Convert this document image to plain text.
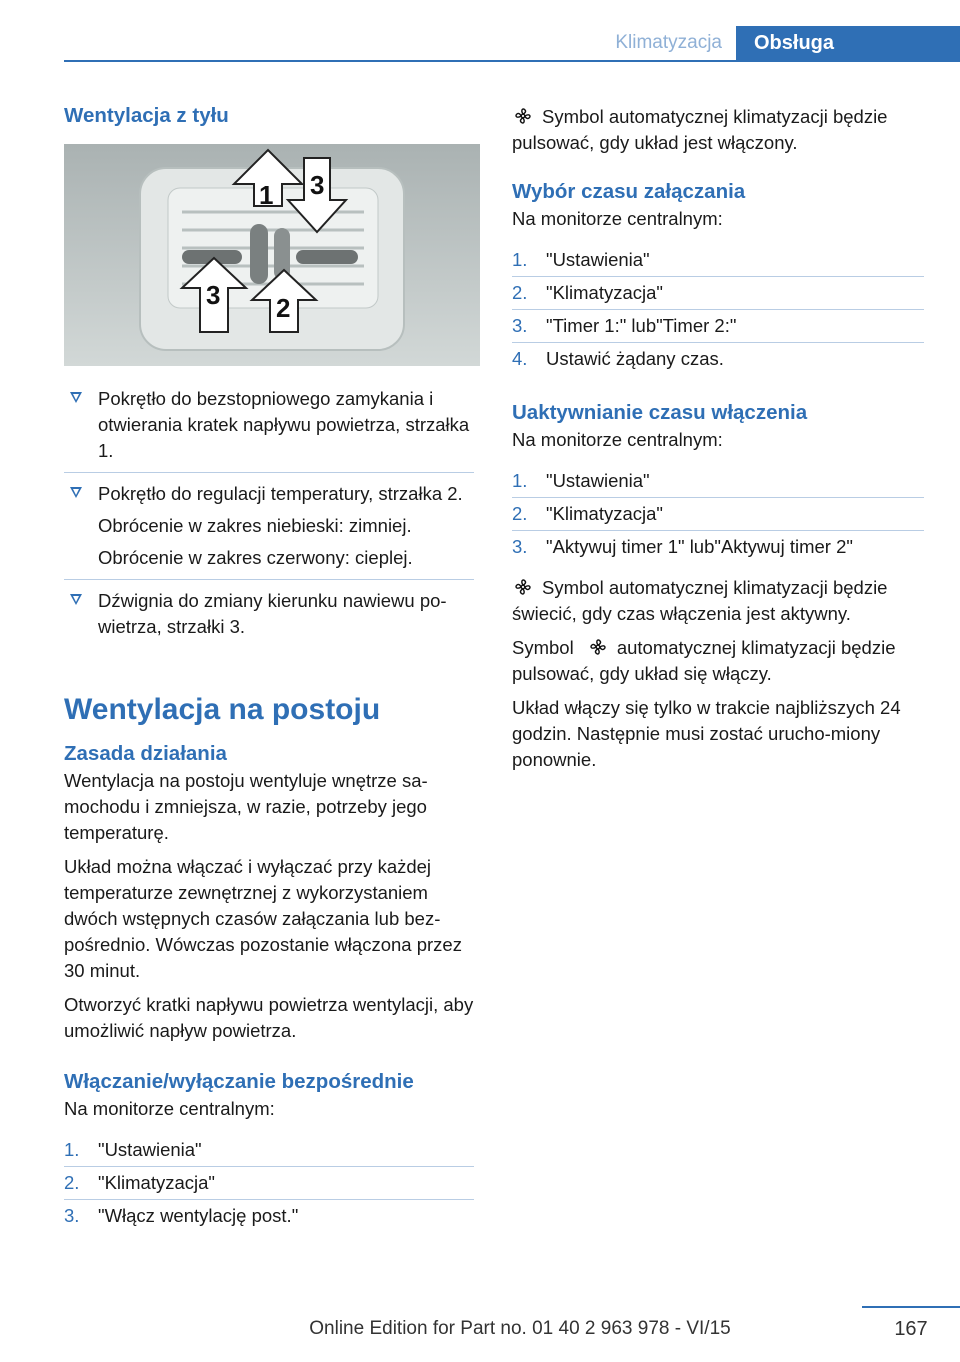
Klimatyzacja	Obsługa
Wentylacja z tyłu
1
2
3
3

Pokrętło do bezstopniowego zamykania i otwierania kratek napływu powietrza, strzałka 1.

Pokrętło do regulacji temperatury, strzałka 2.

Obrócenie w zakres niebieski: zimniej.

Obrócenie w zakres czerwony: cieplej.

Dźwignia do zmiany kierunku nawiewu po-wietrza, strzałki 3.

Wentylacja na postoju
Zasada działania

Wentylacja na postoju wentyluje wnętrze sa-mochodu i zmniejsza, w razie, potrzeby jego temperaturę.

Układ można włączać i wyłączać przy każdej temperaturze zewnętrznej z wykorzystaniem dwóch wstępnych czasów załączania lub bez-pośrednio. Wówczas pozostanie włączona przez 30 minut.

Otworzyć kratki napływu powietrza wentylacji, aby umożliwić napływ powietrza.

Włączanie/wyłączanie bezpośrednie

Na monitorze centralnym:

1. "Ustawienia"
2. "Klimatyzacja"
3. "Włącz wentylację post."

Symbol automatycznej klimatyzacji będzie pulsować, gdy układ jest włączony.

Wybór czasu załączania

Na monitorze centralnym:

1. "Ustawienia"
2. "Klimatyzacja"
3. "Timer 1:" lub"Timer 2:"
4. Ustawić żądany czas.
Uaktywnianie czasu włączenia

Na monitorze centralnym:

1. "Ustawienia"
2. "Klimatyzacja"
3. "Aktywuj timer 1" lub"Aktywuj timer 2"

Symbol automatycznej klimatyzacji będzie świecić, gdy czas włączenia jest aktywny.

Symbol automatycznej klimatyzacji będzie pulsować, gdy układ się włączy.

Układ włączy się tylko w trakcie najbliższych 24 godzin. Następnie musi zostać urucho-miony ponownie.

167
Online Edition for Part no. 01 40 2 963 978 - VI/15
